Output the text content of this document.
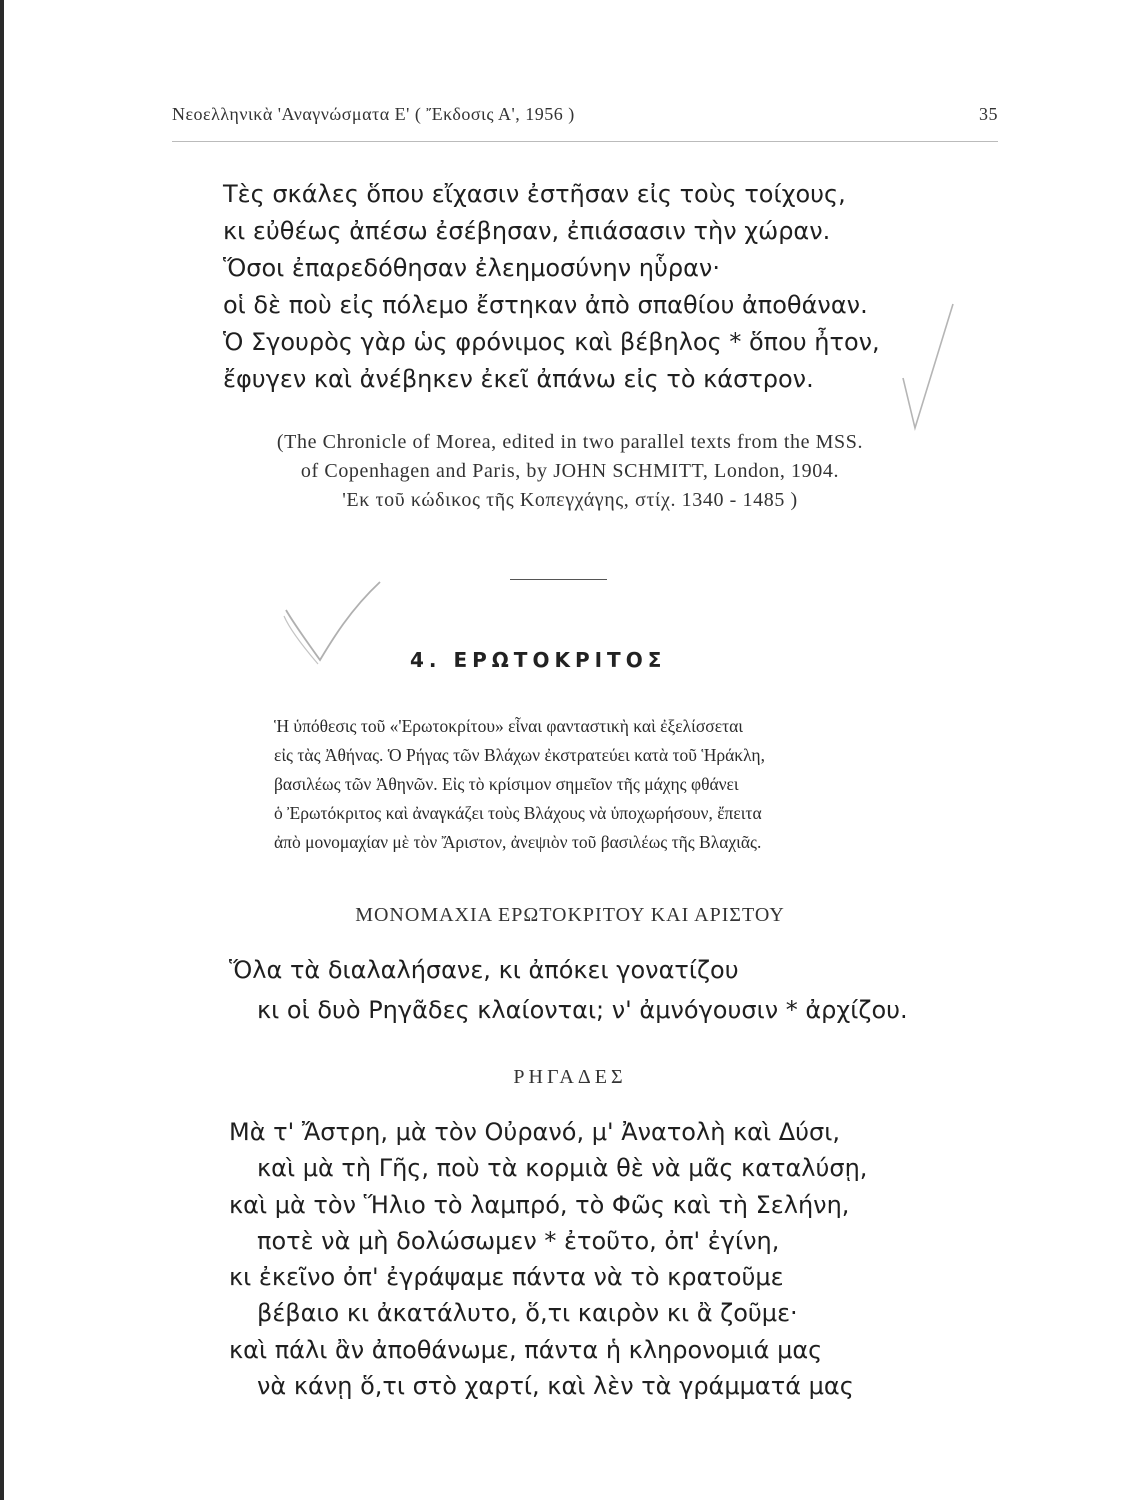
Νεοελληνικὰ 'Αναγνώσματα Ε' ( Ἔκδοσις Α', 1956 )	35
Τὲς σκάλες ὅπου εἴχασιν ἐστῆσαν εἰς τοὺς τοίχους,
κι εὐθέως ἀπέσω ἐσέβησαν, ἐπιάσασιν τὴν χώραν.
Ὅσοι ἐπαρεδόθησαν ἐλεημοσύνην ηὗραν·
οἱ δὲ ποὺ εἰς πόλεμο ἔστηκαν ἀπὸ σπαθίου ἀποθάναν.
Ὁ Σγουρὸς γὰρ ὡς φρόνιμος καὶ βέβηλος * ὅπου ἦτον,
ἔφυγεν καὶ ἀνέβηκεν ἐκεῖ ἀπάνω εἰς τὸ κάστρον.
(The Chronicle of Morea, edited in two parallel texts from the MSS.
of Copenhagen and Paris, by JOHN SCHMITT, London, 1904.
'Εκ τοῦ κώδικος τῆς Κοπεγχάγης, στίχ. 1340 - 1485 )
4. ΕΡΩΤΟΚΡΙΤΟΣ
Ἡ ὑπόθεσις τοῦ «'Ερωτοκρίτου» εἶναι φανταστικὴ καὶ ἐξελίσσεται
εἰς τὰς Ἀθήνας. Ὁ Ρήγας τῶν Βλάχων ἐκστρατεύει κατὰ τοῦ Ἡράκλη,
βασιλέως τῶν Ἀθηνῶν. Εἰς τὸ κρίσιμον σημεῖον τῆς μάχης φθάνει
ὁ Ἐρωτόκριτος καὶ ἀναγκάζει τοὺς Βλάχους νὰ ὑποχωρήσουν, ἔπειτα
ἀπὸ μονομαχίαν μὲ τὸν Ἄριστον, ἀνεψιὸν τοῦ βασιλέως τῆς Βλαχιᾶς.
ΜΟΝΟΜΑΧΙΑ ΕΡΩΤΟΚΡΙΤΟΥ ΚΑΙ ΑΡΙΣΤΟΥ
Ὅλα τὰ διαλαλήσανε, κι ἀπόκει γονατίζου
κι οἱ δυὸ Ρηγᾶδες κλαίονται; ν' ἀμνόγουσιν * ἀρχίζου.
ΡΗΓΑΔΕΣ
Μὰ τ' Ἄστρη, μὰ τὸν Οὐρανό, μ' Ἀνατολὴ καὶ Δύσι,
καὶ μὰ τὴ Γῆς, ποὺ τὰ κορμιὰ θὲ νὰ μᾶς καταλύσῃ,
καὶ μὰ τὸν Ἥλιο τὸ λαμπρό, τὸ Φῶς καὶ τὴ Σελήνη,
ποτὲ νὰ μὴ δολώσωμεν * ἐτοῦτο, ὀπ' ἐγίνη,
κι ἐκεῖνο ὀπ' ἐγράψαμε πάντα νὰ τὸ κρατοῦμε
βέβαιο κι ἀκατάλυτο, ὅ,τι καιρὸν κι ἂ ζοῦμε·
καὶ πάλι ἂν ἀποθάνωμε, πάντα ἡ κληρονομιά μας
νὰ κάνῃ ὅ,τι στὸ χαρτί, καὶ λὲν τὰ γράμματά μας
